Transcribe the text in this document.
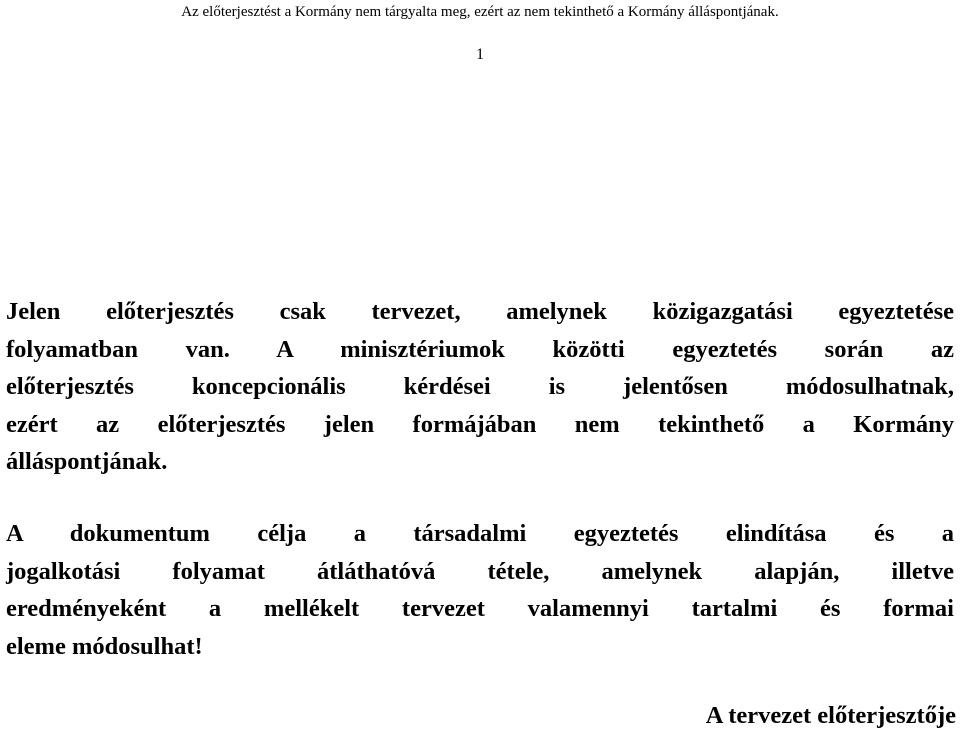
Az előterjesztést a Kormány nem tárgyalta meg, ezért az nem tekinthető a Kormány álláspontjának.
1

Jelen előterjesztés csak tervezet, amelynek közigazgatási egyeztetése
folyamatban van. A minisztériumok közötti egyeztetés során az
előterjesztés koncepcionális kérdései is jelentősen módosulhatnak,
ezért az előterjesztés jelen formájában nem tekinthető a Kormány
álláspontjának.

A dokumentum célja a társadalmi egyeztetés elindítása és a
jogalkotási folyamat átláthatóvá tétele, amelynek alapján, illetve
eredményeként a mellékelt tervezet valamennyi tartalmi és formai
eleme módosulhat!

A tervezet előterjesztője
